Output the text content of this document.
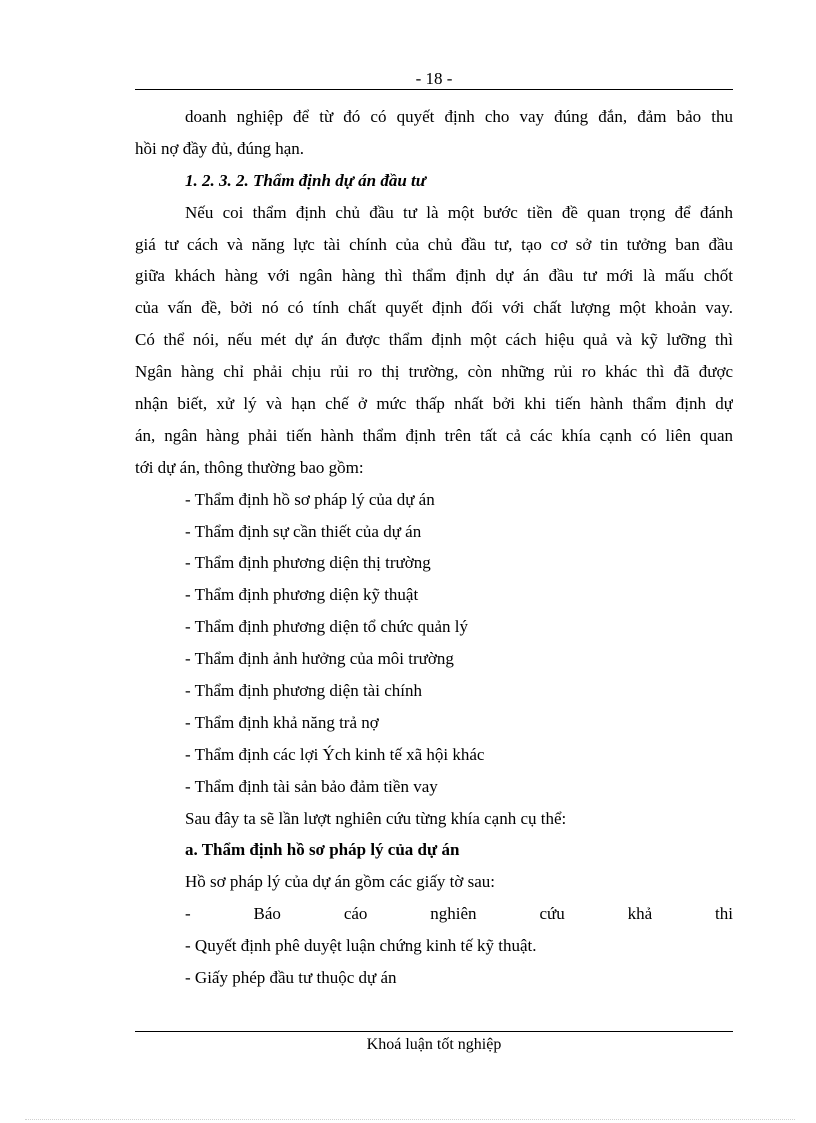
- 18 -
doanh nghiệp để từ đó có quyết định cho vay đúng đắn, đảm bảo thu
hồi nợ đầy đủ, đúng hạn.
1. 2. 3. 2. Thẩm định dự án đầu tư
Nếu coi thẩm định chủ đầu tư là một bước tiền đề quan trọng để đánh
giá tư cách và năng lực tài chính của chủ đầu tư, tạo cơ sở tin tưởng ban đầu
giữa khách hàng với ngân hàng thì thẩm định dự án đầu tư mới là mấu chốt
của vấn đề, bởi nó có tính chất quyết định đối với chất lượng một khoản vay.
Có thể nói, nếu mét dự án được thẩm định một cách hiệu quả và kỹ lưỡng thì
Ngân hàng chỉ phải chịu rủi ro thị trường, còn những rủi ro khác thì đã được
nhận biết, xử lý và hạn chế ở mức thấp nhất bởi khi tiến hành thẩm định dự
án, ngân hàng phải tiến hành thẩm định trên tất cả các khía cạnh có liên quan
tới dự án, thông thường bao gồm:
- Thẩm định hồ sơ pháp lý của dự án
- Thẩm định sự cần thiết của dự án
- Thẩm định phương diện thị trường
- Thẩm định phương diện kỹ thuật
- Thẩm định phương diện tổ chức quản lý
- Thẩm định ảnh hưởng của môi trường
- Thẩm định phương diện tài chính
- Thẩm định khả năng trả nợ
- Thẩm định các lợi Ých kinh tế xã hội khác
- Thẩm định tài sản bảo đảm tiền vay
Sau đây ta sẽ lần lượt nghiên cứu từng khía cạnh cụ thể:
a. Thẩm định hồ sơ pháp lý của dự án
Hồ sơ pháp lý của dự án gồm các giấy tờ sau:
-	Báo	cáo	nghiên	cứu	khả	thi
- Quyết định phê duyệt luận chứng kinh tế kỹ thuật.
- Giấy phép đầu tư thuộc dự án
Khoá luận tốt nghiệp
